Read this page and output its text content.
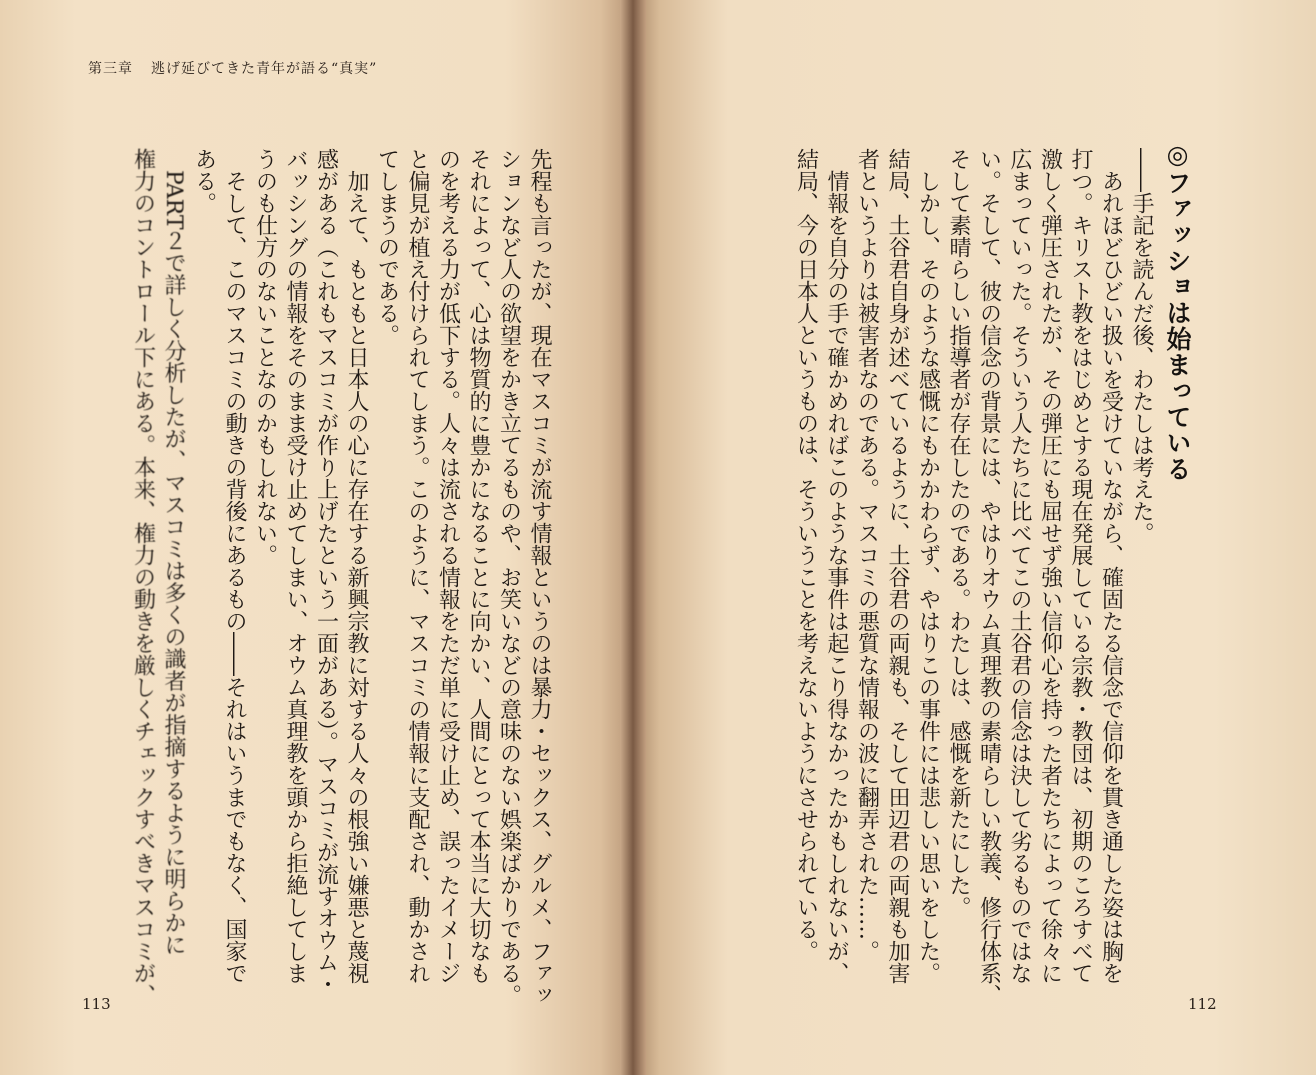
第三章 逃げ延びてきた青年が語る“真実”
先程も言ったが、現在マスコミが流す情報というのは暴力・セックス、グルメ、ファッ
ションなど人の欲望をかき立てるものや、お笑いなどの意味のない娯楽ばかりである。
それによって、心は物質的に豊かになることに向かい、人間にとって本当に大切なも
のを考える力が低下する。人々は流される情報をただ単に受け止め、誤ったイメージ
と偏見が植え付けられてしまう。このように、マスコミの情報に支配され、動かされ
てしまうのである。
　加えて、もともと日本人の心に存在する新興宗教に対する人々の根強い嫌悪と蔑視
感がある（これもマスコミが作り上げたという一面がある）。マスコミが流すオウム・
バッシングの情報をそのまま受け止めてしまい、オウム真理教を頭から拒絶してしま
うのも仕方のないことなのかもしれない。
　そして、このマスコミの動きの背後にあるもの――それはいうまでもなく、国家で
ある。
　PART２で詳しく分析したが、マスコミは多くの識者が指摘するように明らかに
権力のコントロール下にある。本来、権力の動きを厳しくチェックすべきマスコミが、
113
◎ファッショは始まっている
――手記を読んだ後、わたしは考えた。
　あれほどひどい扱いを受けていながら、確固たる信念で信仰を貫き通した姿は胸を
打つ。キリスト教をはじめとする現在発展している宗教・教団は、初期のころすべて
激しく弾圧されたが、その弾圧にも屈せず強い信仰心を持った者たちによって徐々に
広まっていった。そういう人たちに比べてこの土谷君の信念は決して劣るものではな
い。そして、彼の信念の背景には、やはりオウム真理教の素晴らしい教義、修行体系、
そして素晴らしい指導者が存在したのである。わたしは、感慨を新たにした。
　しかし、そのような感慨にもかかわらず、やはりこの事件には悲しい思いをした。
結局、土谷君自身が述べているように、土谷君の両親も、そして田辺君の両親も加害
者というよりは被害者なのである。マスコミの悪質な情報の波に翻弄された……。
　情報を自分の手で確かめればこのような事件は起こり得なかったかもしれないが、
結局、今の日本人というものは、そういうことを考えないようにさせられている。
112
